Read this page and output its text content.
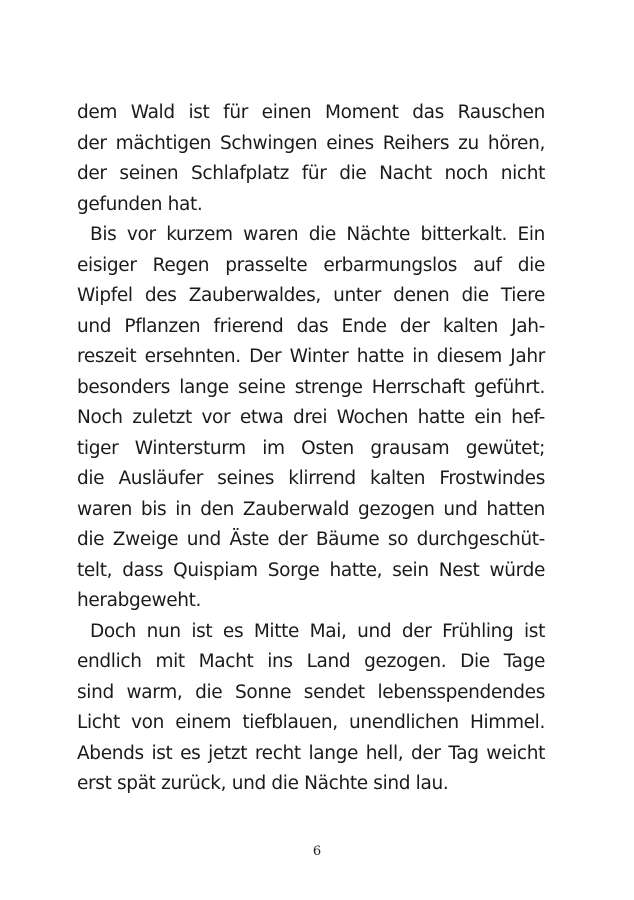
dem Wald ist für einen Moment das Rauschen
der mächtigen Schwingen eines Reihers zu hören,
der seinen Schlafplatz für die Nacht noch nicht
gefunden hat.
Bis vor kurzem waren die Nächte bitterkalt. Ein
eisiger Regen prasselte erbarmungslos auf die
Wipfel des Zauberwaldes, unter denen die Tiere
und Pflanzen frierend das Ende der kalten Jah-
reszeit ersehnten. Der Winter hatte in diesem Jahr
besonders lange seine strenge Herrschaft geführt.
Noch zuletzt vor etwa drei Wochen hatte ein hef-
tiger Wintersturm im Osten grausam gewütet;
die Ausläufer seines klirrend kalten Frostwindes
waren bis in den Zauberwald gezogen und hatten
die Zweige und Äste der Bäume so durchgeschüt-
telt, dass Quispiam Sorge hatte, sein Nest würde
herabgeweht.
Doch nun ist es Mitte Mai, und der Frühling ist
endlich mit Macht ins Land gezogen. Die Tage
sind warm, die Sonne sendet lebensspendendes
Licht von einem tiefblauen, unendlichen Himmel.
Abends ist es jetzt recht lange hell, der Tag weicht
erst spät zurück, und die Nächte sind lau.
6
